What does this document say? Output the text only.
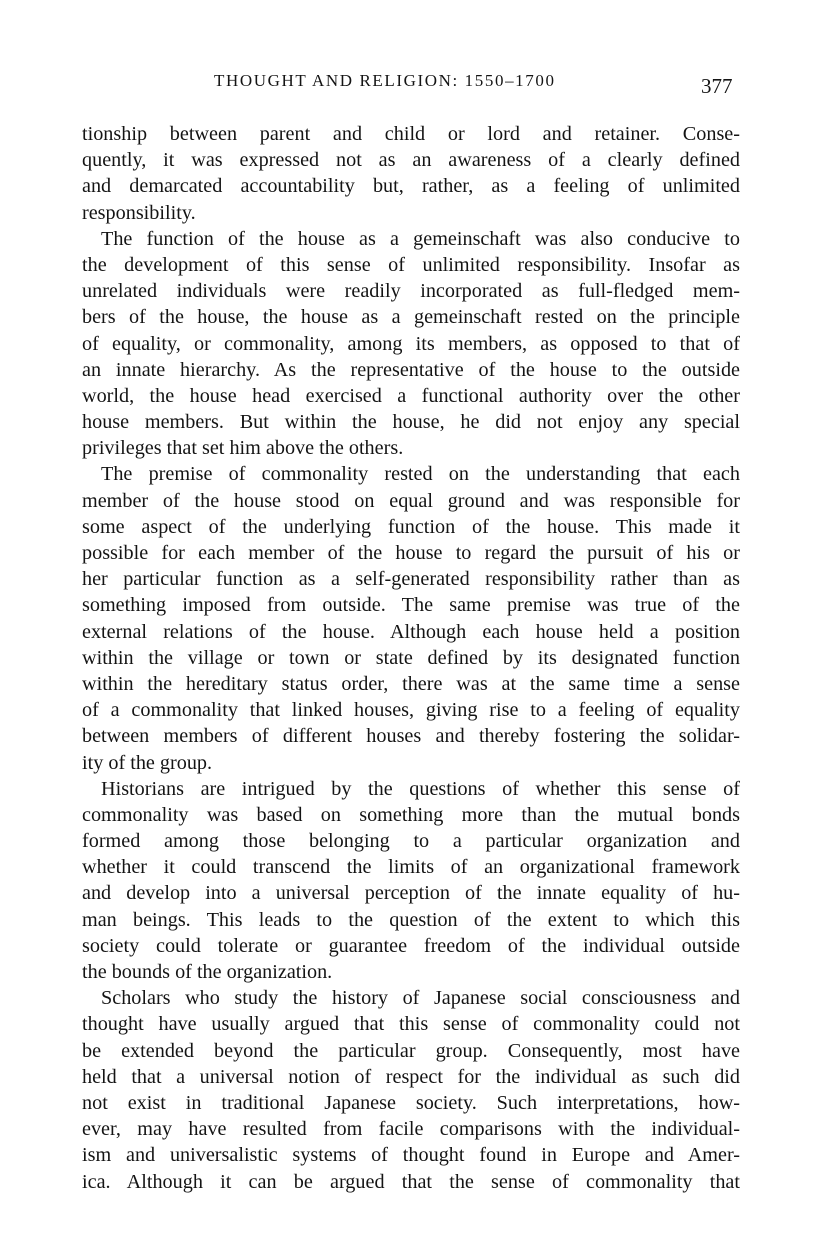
THOUGHT AND RELIGION: 1550–1700	377
tionship between parent and child or lord and retainer. Conse-
quently, it was expressed not as an awareness of a clearly defined
and demarcated accountability but, rather, as a feeling of unlimited
responsibility.
The function of the house as a gemeinschaft was also conducive to
the development of this sense of unlimited responsibility. Insofar as
unrelated individuals were readily incorporated as full-fledged mem-
bers of the house, the house as a gemeinschaft rested on the principle
of equality, or commonality, among its members, as opposed to that of
an innate hierarchy. As the representative of the house to the outside
world, the house head exercised a functional authority over the other
house members. But within the house, he did not enjoy any special
privileges that set him above the others.
The premise of commonality rested on the understanding that each
member of the house stood on equal ground and was responsible for
some aspect of the underlying function of the house. This made it
possible for each member of the house to regard the pursuit of his or
her particular function as a self-generated responsibility rather than as
something imposed from outside. The same premise was true of the
external relations of the house. Although each house held a position
within the village or town or state defined by its designated function
within the hereditary status order, there was at the same time a sense
of a commonality that linked houses, giving rise to a feeling of equality
between members of different houses and thereby fostering the solidar-
ity of the group.
Historians are intrigued by the questions of whether this sense of
commonality was based on something more than the mutual bonds
formed among those belonging to a particular organization and
whether it could transcend the limits of an organizational framework
and develop into a universal perception of the innate equality of hu-
man beings. This leads to the question of the extent to which this
society could tolerate or guarantee freedom of the individual outside
the bounds of the organization.
Scholars who study the history of Japanese social consciousness and
thought have usually argued that this sense of commonality could not
be extended beyond the particular group. Consequently, most have
held that a universal notion of respect for the individual as such did
not exist in traditional Japanese society. Such interpretations, how-
ever, may have resulted from facile comparisons with the individual-
ism and universalistic systems of thought found in Europe and Amer-
ica. Although it can be argued that the sense of commonality that
